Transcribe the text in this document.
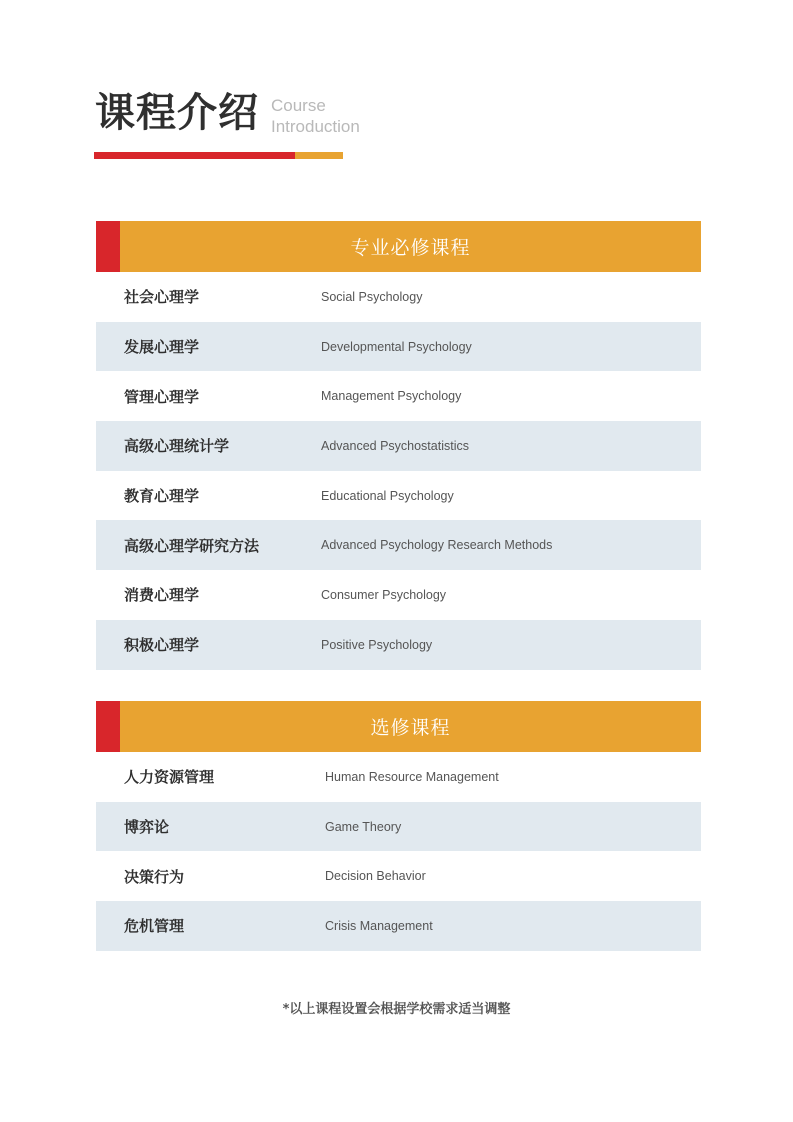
课程介绍 Course
Introduction
专业必修课程
社会心理学	Social Psychology
发展心理学	Developmental Psychology
管理心理学	Management Psychology
高级心理统计学	Advanced Psychostatistics
教育心理学	Educational Psychology
高级心理学研究方法	Advanced Psychology Research Methods
消费心理学	Consumer Psychology
积极心理学	Positive Psychology
选修课程
人力资源管理	Human Resource Management
博弈论	Game Theory
决策行为	Decision Behavior
危机管理	Crisis Management
*以上课程设置会根据学校需求适当调整
